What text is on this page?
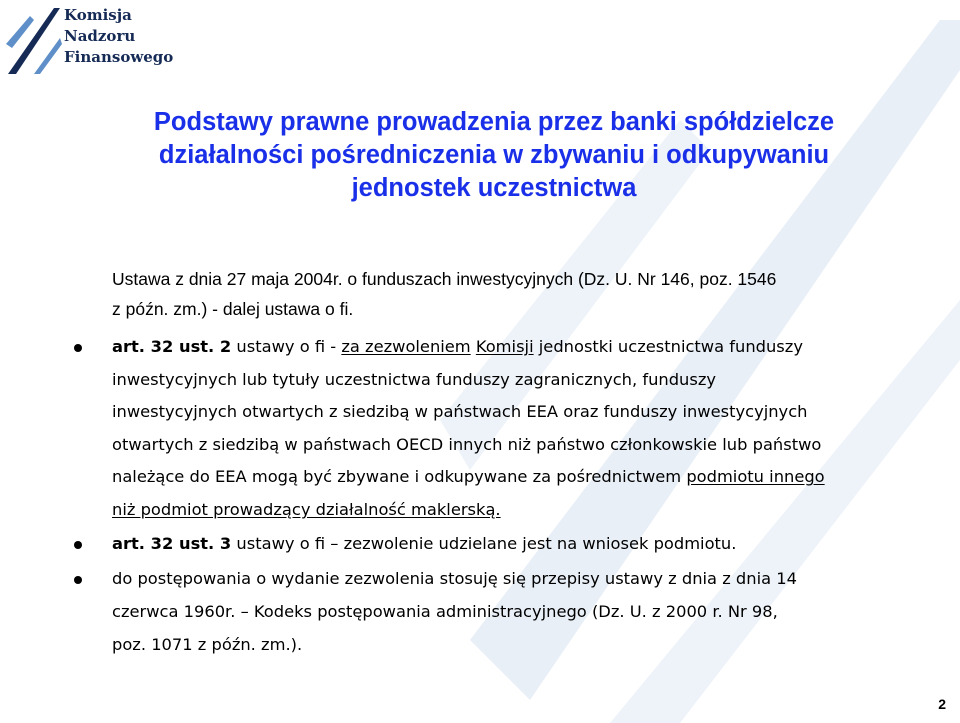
Komisja
Nadzoru
Finansowego
Podstawy prawne prowadzenia przez banki spółdzielcze
działalności pośredniczenia w zbywaniu i odkupywaniu
jednostek uczestnictwa
Ustawa z dnia 27 maja 2004r. o funduszach inwestycyjnych (Dz. U. Nr 146, poz. 1546
z późn. zm.) - dalej ustawa o fi.
art. 32 ust. 2 ustawy o fi - za zezwoleniem Komisji jednostki uczestnictwa funduszy
inwestycyjnych lub tytuły uczestnictwa funduszy zagranicznych, funduszy
inwestycyjnych otwartych z siedzibą w państwach EEA oraz funduszy inwestycyjnych
otwartych z siedzibą w państwach OECD innych niż państwo członkowskie lub państwo
należące do EEA mogą być zbywane i odkupywane za pośrednictwem podmiotu innego
niż podmiot prowadzący działalność maklerską.
art. 32 ust. 3 ustawy o fi – zezwolenie udzielane jest na wniosek podmiotu.
do postępowania o wydanie zezwolenia stosuję się przepisy ustawy z dnia z dnia 14
czerwca 1960r. – Kodeks postępowania administracyjnego (Dz. U. z 2000 r. Nr 98,
poz. 1071 z późn. zm.).
2
